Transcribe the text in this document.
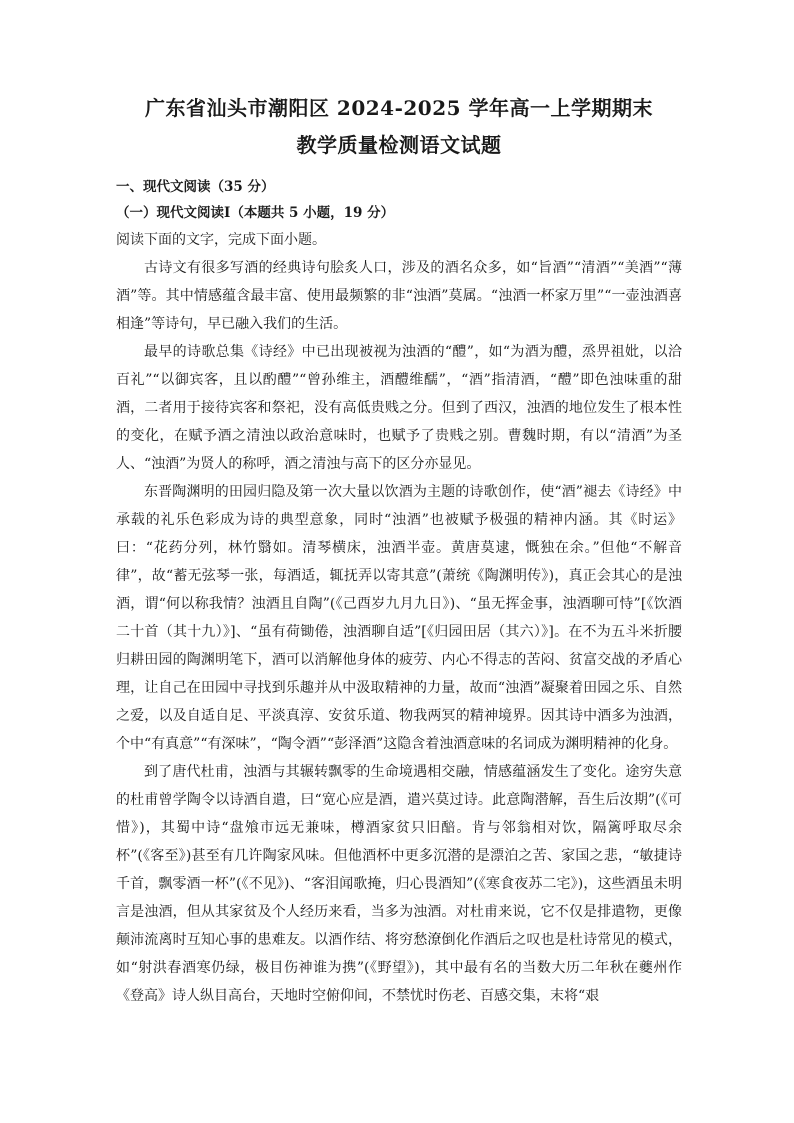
广东省汕头市潮阳区 2024-2025 学年高一上学期期末
教学质量检测语文试题

一、现代文阅读（35 分）

（一）现代文阅读Ⅰ（本题共 5 小题，19 分）

阅读下面的文字，完成下面小题。

古诗文有很多写酒的经典诗句脍炙人口，涉及的酒名众多，如“旨酒”“清酒”“美酒”“薄酒”等。其中情感蕴含最丰富、使用最频繁的非“浊酒”莫属。“浊酒一杯家万里”“一壶浊酒喜相逢”等诗句，早已融入我们的生活。

最早的诗歌总集《诗经》中已出现被视为浊酒的“醴”，如“为酒为醴，烝畀祖妣，以洽百礼”“以御宾客，且以酌醴”“曾孙维主，酒醴维醹”，“酒”指清酒，“醴”即色浊味重的甜酒，二者用于接待宾客和祭祀，没有高低贵贱之分。但到了西汉，浊酒的地位发生了根本性的变化，在赋予酒之清浊以政治意味时，也赋予了贵贱之别。曹魏时期，有以“清酒”为圣人、“浊酒”为贤人的称呼，酒之清浊与高下的区分亦显见。

东晋陶渊明的田园归隐及第一次大量以饮酒为主题的诗歌创作，使“酒”褪去《诗经》中承载的礼乐色彩成为诗的典型意象，同时“浊酒”也被赋予极强的精神内涵。其《时运》曰：“花药分列，林竹翳如。清琴横床，浊酒半壶。黄唐莫逮，慨独在余。”但他“不解音律”，故“蓄无弦琴一张，每酒适，辄抚弄以寄其意”(萧统《陶渊明传》)，真正会其心的是浊酒，谓“何以称我情？浊酒且自陶”(《己酉岁九月九日》)、“虽无挥金事，浊酒聊可恃”[《饮酒二十首（其十九）》]、“虽有荷锄倦，浊酒聊自适”[《归园田居（其六）》]。在不为五斗米折腰归耕田园的陶渊明笔下，酒可以消解他身体的疲劳、内心不得志的苦闷、贫富交战的矛盾心理，让自己在田园中寻找到乐趣并从中汲取精神的力量，故而“浊酒”凝聚着田园之乐、自然之爱，以及自适自足、平淡真淳、安贫乐道、物我两冥的精神境界。因其诗中酒多为浊酒，个中“有真意”“有深味”，“陶令酒”“彭泽酒”这隐含着浊酒意味的名词成为渊明精神的化身。

到了唐代杜甫，浊酒与其辗转飘零的生命境遇相交融，情感蕴涵发生了变化。途穷失意的杜甫曾学陶令以诗酒自遣，曰“宽心应是酒，遣兴莫过诗。此意陶潜解，吾生后汝期”(《可惜》)，其蜀中诗“盘飧市远无兼味，樽酒家贫只旧醅。肯与邻翁相对饮，隔篱呼取尽余杯”(《客至》)甚至有几许陶家风味。但他酒杯中更多沉潜的是漂泊之苦、家国之悲，“敏捷诗千首，飘零酒一杯”(《不见》)、“客泪闻歌掩，归心畏酒知”(《寒食夜苏二宅》)，这些酒虽未明言是浊酒，但从其家贫及个人经历来看，当多为浊酒。对杜甫来说，它不仅是排遣物，更像颠沛流离时互知心事的患难友。以酒作结、将穷愁潦倒化作酒后之叹也是杜诗常见的模式，如“射洪春酒寒仍绿，极目伤神谁为携”(《野望》)，其中最有名的当数大历二年秋在夔州作《登高》诗人纵目高台，天地时空俯仰间，不禁忧时伤老、百感交集，末将“艰
